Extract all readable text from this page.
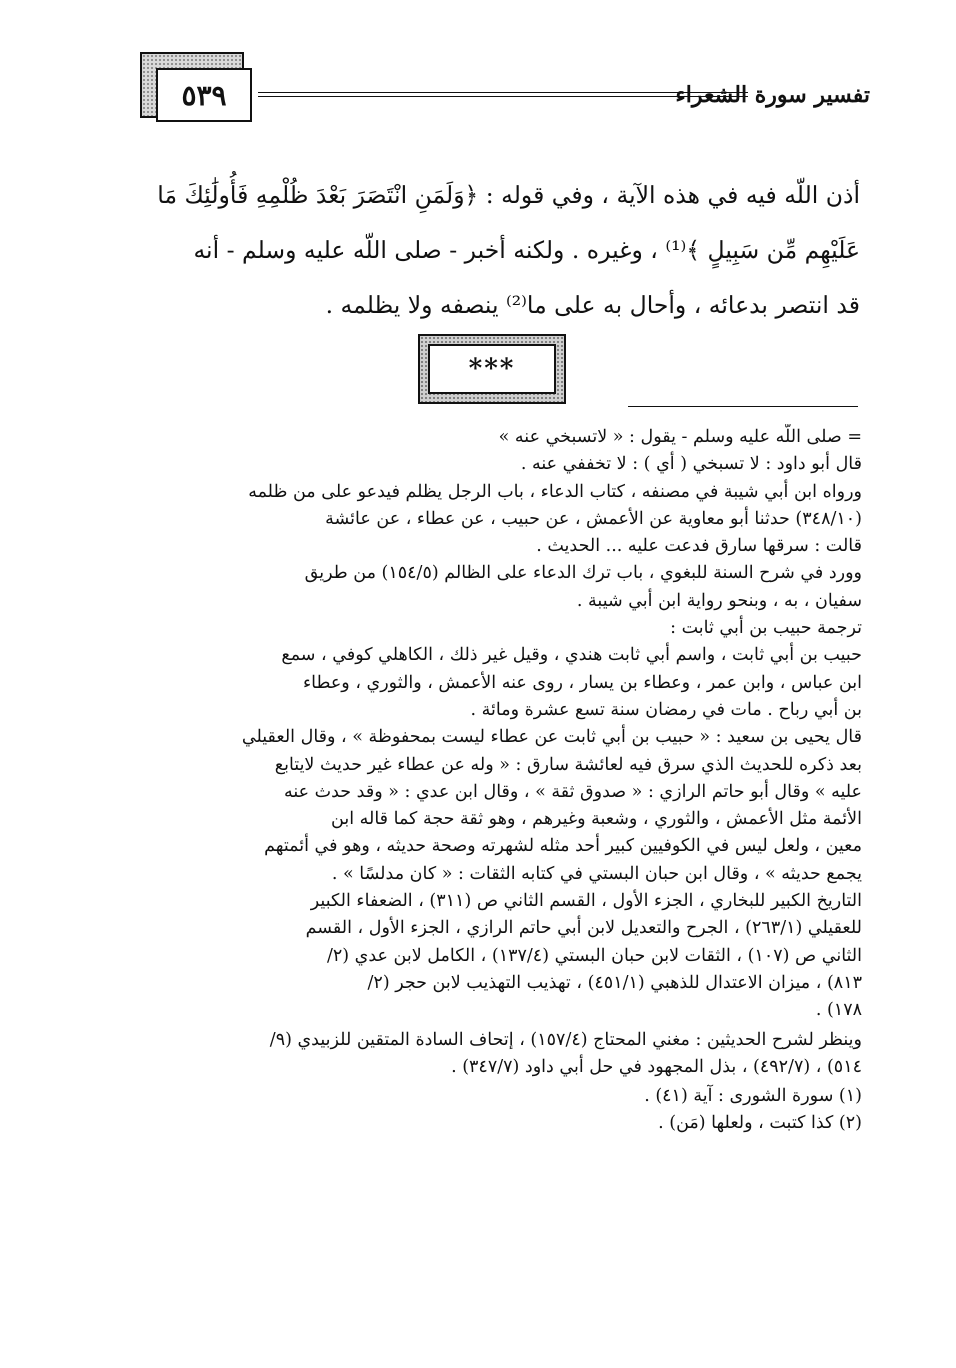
٥٣٩	تفسير سورة الشعراء

أذن اللّه فيه في هذه الآية ، وفي قوله : ﴿وَلَمَنِ انْتَصَرَ بَعْدَ ظُلْمِهِ فَأُولَٰئِكَ مَا

عَلَيْهِم مِّن سَبِيلٍ ﴾⁽¹⁾ ، وغيره . ولكنه أخبر - صلى اللّه عليه وسلم - أنه

قد انتصر بدعائه ، وأحال به على ما⁽²⁾ ينصفه ولا يظلمه .

***

= صلى اللّه عليه وسلم - يقول : « لاتسبخي عنه »

قال أبو داود : لا تسبخي ( أي ) : لا تخففي عنه .

ورواه ابن أبي شيبة في مصنفه ، كتاب الدعاء ، باب الرجل يظلم فيدعو على من ظلمه

(٣٤٨/١٠) حدثنا أبو معاوية عن الأعمش ، عن حبيب ، عن عطاء ، عن عائشة

قالت : سرقها سارق فدعت عليه ... الحديث .

وورد في شرح السنة للبغوي ، باب ترك الدعاء على الظالم (١٥٤/٥) من طريق

سفيان ، به ، وبنحو رواية ابن أبي شيبة .

ترجمة حبيب بن أبي ثابت :

حبيب بن أبي ثابت ، واسم أبي ثابت هندي ، وقيل غير ذلك ، الكاهلي كوفي ، سمع

ابن عباس ، وابن عمر ، وعطاء بن يسار ، روى عنه الأعمش ، والثوري ، وعطاء

بن أبي رباح . مات في رمضان سنة تسع عشرة ومائة .

قال يحيى بن سعيد : « حبيب بن أبي ثابت عن عطاء ليست بمحفوظة » ، وقال العقيلي

بعد ذكره للحديث الذي سرق فيه لعائشة سارق : « وله عن عطاء غير حديث لايتابع

عليه » وقال أبو حاتم الرازي : « صدوق ثقة » ، وقال ابن عدي : « وقد حدث عنه

الأئمة مثل الأعمش ، والثوري ، وشعبة وغيرهم ، وهو ثقة حجة كما قاله ابن

معين ، ولعل ليس في الكوفيين كبير أحد مثله لشهرته وصحة حديثه ، وهو في أئمتهم

يجمع حديثه » ، وقال ابن حبان البستي في كتابه الثقات : « كان مدلسًا » .

التاريخ الكبير للبخاري ، الجزء الأول ، القسم الثاني ص (٣١١) ، الضعفاء الكبير

للعقيلي (٢٦٣/١) ، الجرح والتعديل لابن أبي حاتم الرازي ، الجزء الأول ، القسم

الثاني ص (١٠٧) ، الثقات لابن حبان البستي (١٣٧/٤) ، الكامل لابن عدي (٢/

٨١٣) ، ميزان الاعتدال للذهبي (٤٥١/١) ، تهذيب التهذيب لابن حجر (٢/

١٧٨) .

وينظر لشرح الحديثين : مغني المحتاج (١٥٧/٤) ، إتحاف السادة المتقين للزبيدي (٩/

٥١٤) ، (٤٩٢/٧) ، بذل المجهود في حل أبي داود (٣٤٧/٧) .

(١) سورة الشورى : آية (٤١) .

(٢) كذا كتبت ، ولعلها (مَن) .
